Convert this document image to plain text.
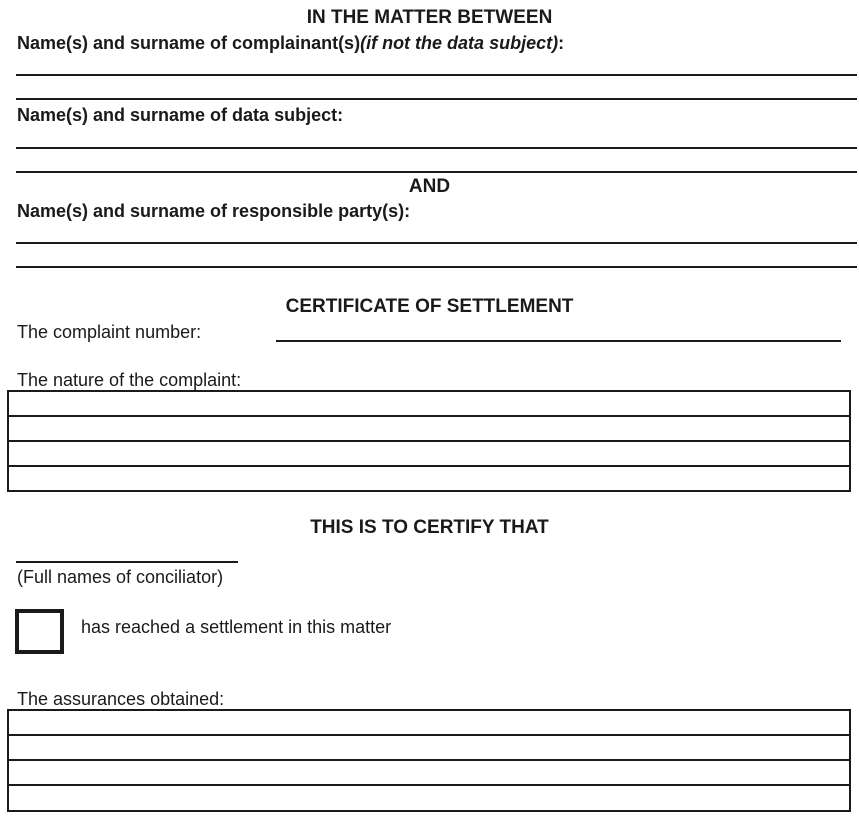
IN THE MATTER BETWEEN
Name(s) and surname of complainant(s)(if not the data subject):
Name(s) and surname of data subject:
AND
Name(s) and surname of responsible party(s):
CERTIFICATE OF SETTLEMENT
The complaint number:
The nature of the complaint:
THIS IS TO CERTIFY THAT
(Full names of conciliator)
has reached a settlement in this matter
The assurances obtained:
